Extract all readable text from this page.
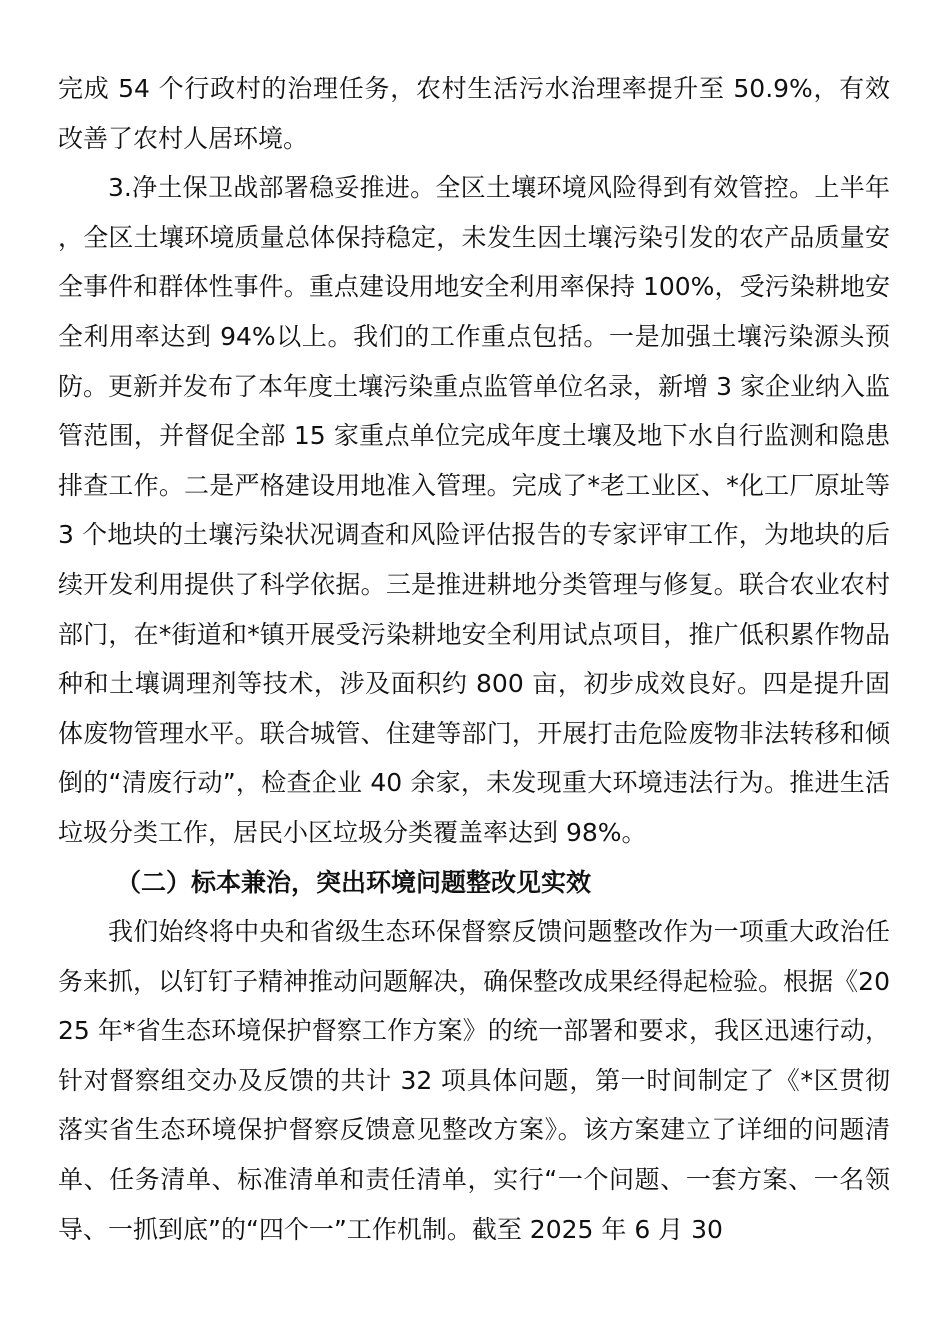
完成 54 个行政村的治理任务，农村生活污水治理率提升至 50.9%，有效改善了农村人居环境。

3.净土保卫战部署稳妥推进。全区土壤环境风险得到有效管控。上半年，全区土壤环境质量总体保持稳定，未发生因土壤污染引发的农产品质量安全事件和群体性事件。重点建设用地安全利用率保持 100%，受污染耕地安全利用率达到 94%以上。我们的工作重点包括。一是加强土壤污染源头预防。更新并发布了本年度土壤污染重点监管单位名录，新增 3 家企业纳入监管范围，并督促全部 15 家重点单位完成年度土壤及地下水自行监测和隐患排查工作。二是严格建设用地准入管理。完成了*老工业区、*化工厂原址等 3 个地块的土壤污染状况调查和风险评估报告的专家评审工作，为地块的后续开发利用提供了科学依据。三是推进耕地分类管理与修复。联合农业农村部门，在*街道和*镇开展受污染耕地安全利用试点项目，推广低积累作物品种和土壤调理剂等技术，涉及面积约 800 亩，初步成效良好。四是提升固体废物管理水平。联合城管、住建等部门，开展打击危险废物非法转移和倾倒的“清废行动”，检查企业 40 余家，未发现重大环境违法行为。推进生活垃圾分类工作，居民小区垃圾分类覆盖率达到 98%。

（二）标本兼治，突出环境问题整改见实效

我们始终将中央和省级生态环保督察反馈问题整改作为一项重大政治任务来抓，以钉钉子精神推动问题解决，确保整改成果经得起检验。根据《2025 年*省生态环境保护督察工作方案》的统一部署和要求，我区迅速行动，针对督察组交办及反馈的共计 32 项具体问题，第一时间制定了《*区贯彻落实省生态环境保护督察反馈意见整改方案》。该方案建立了详细的问题清单、任务清单、标准清单和责任清单，实行“一个问题、一套方案、一名领导、一抓到底”的“四个一”工作机制。截至 2025 年 6 月 30
